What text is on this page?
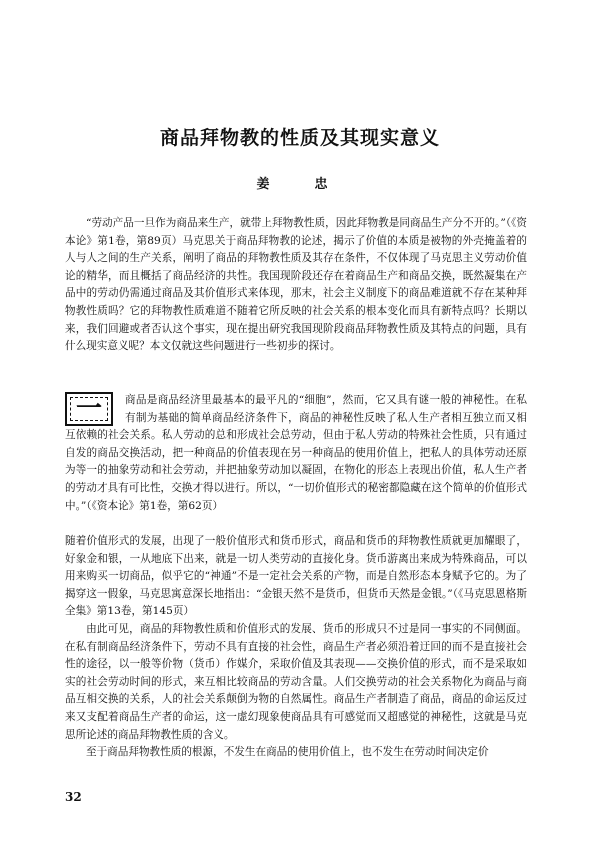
商品拜物教的性质及其现实意义
姜　忠

“劳动产品一旦作为商品来生产，就带上拜物教性质，因此拜物教是同商品生产分不开的。”（《资本论》第1卷，第89页）马克思关于商品拜物教的论述，揭示了价值的本质是被物的外壳掩盖着的人与人之间的生产关系，阐明了商品的拜物教性质及其存在条件，不仅体现了马克思主义劳动价值论的精华，而且概括了商品经济的共性。我国现阶段还存在着商品生产和商品交换，既然凝集在产品中的劳动仍需通过商品及其价值形式来体现，那末，社会主义制度下的商品难道就不存在某种拜物教性质吗？它的拜物教性质难道不随着它所反映的社会关系的根本变化而具有新特点吗？长期以来，我们回避或者否认这个事实，现在提出研究我国现阶段商品拜物教性质及其特点的问题，具有什么现实意义呢？本文仅就这些问题进行一些初步的探讨。

一	商品是商品经济里最基本的最平凡的“细胞”，然而，它又具有谜一般的神秘性。在私有制为基础的简单商品经济条件下，商品的神秘性反映了私人生产者相互独立而又相互依赖的社会关系。私人劳动的总和形成社会总劳动，但由于私人劳动的特殊社会性质，只有通过自发的商品交换活动，把一种商品的价值表现在另一种商品的使用价值上，把私人的具体劳动还原为等一的抽象劳动和社会劳动，并把抽象劳动加以凝固，在物化的形态上表现出价值，私人生产者的劳动才具有可比性，交换才得以进行。所以，“一切价值形式的秘密都隐藏在这个简单的价值形式中。”（《资本论》第1卷，第62页）

随着价值形式的发展，出现了一般价值形式和货币形式，商品和货币的拜物教性质就更加耀眼了，好象金和银，一从地底下出来，就是一切人类劳动的直接化身。货币游离出来成为特殊商品，可以用来购买一切商品，似乎它的“神通”不是一定社会关系的产物，而是自然形态本身赋予它的。为了揭穿这一假象，马克思寓意深长地指出：“金银天然不是货币，但货币天然是金银。”（《马克思恩格斯全集》第13卷，第145页）

由此可见，商品的拜物教性质和价值形式的发展、货币的形成只不过是同一事实的不同侧面。在私有制商品经济条件下，劳动不具有直接的社会性，商品生产者必须沿着迂回的而不是直接社会性的途径，以一般等价物（货币）作媒介，采取价值及其表现——交换价值的形式，而不是采取如实的社会劳动时间的形式，来互相比较商品的劳动含量。人们交换劳动的社会关系物化为商品与商品互相交换的关系，人的社会关系颠倒为物的自然属性。商品生产者制造了商品，商品的命运反过来又支配着商品生产者的命运，这一虚幻现象使商品具有可感觉而又超感觉的神秘性，这就是马克思所论述的商品拜物教性质的含义。

至于商品拜物教性质的根源，不发生在商品的使用价值上，也不发生在劳动时间决定价

32
